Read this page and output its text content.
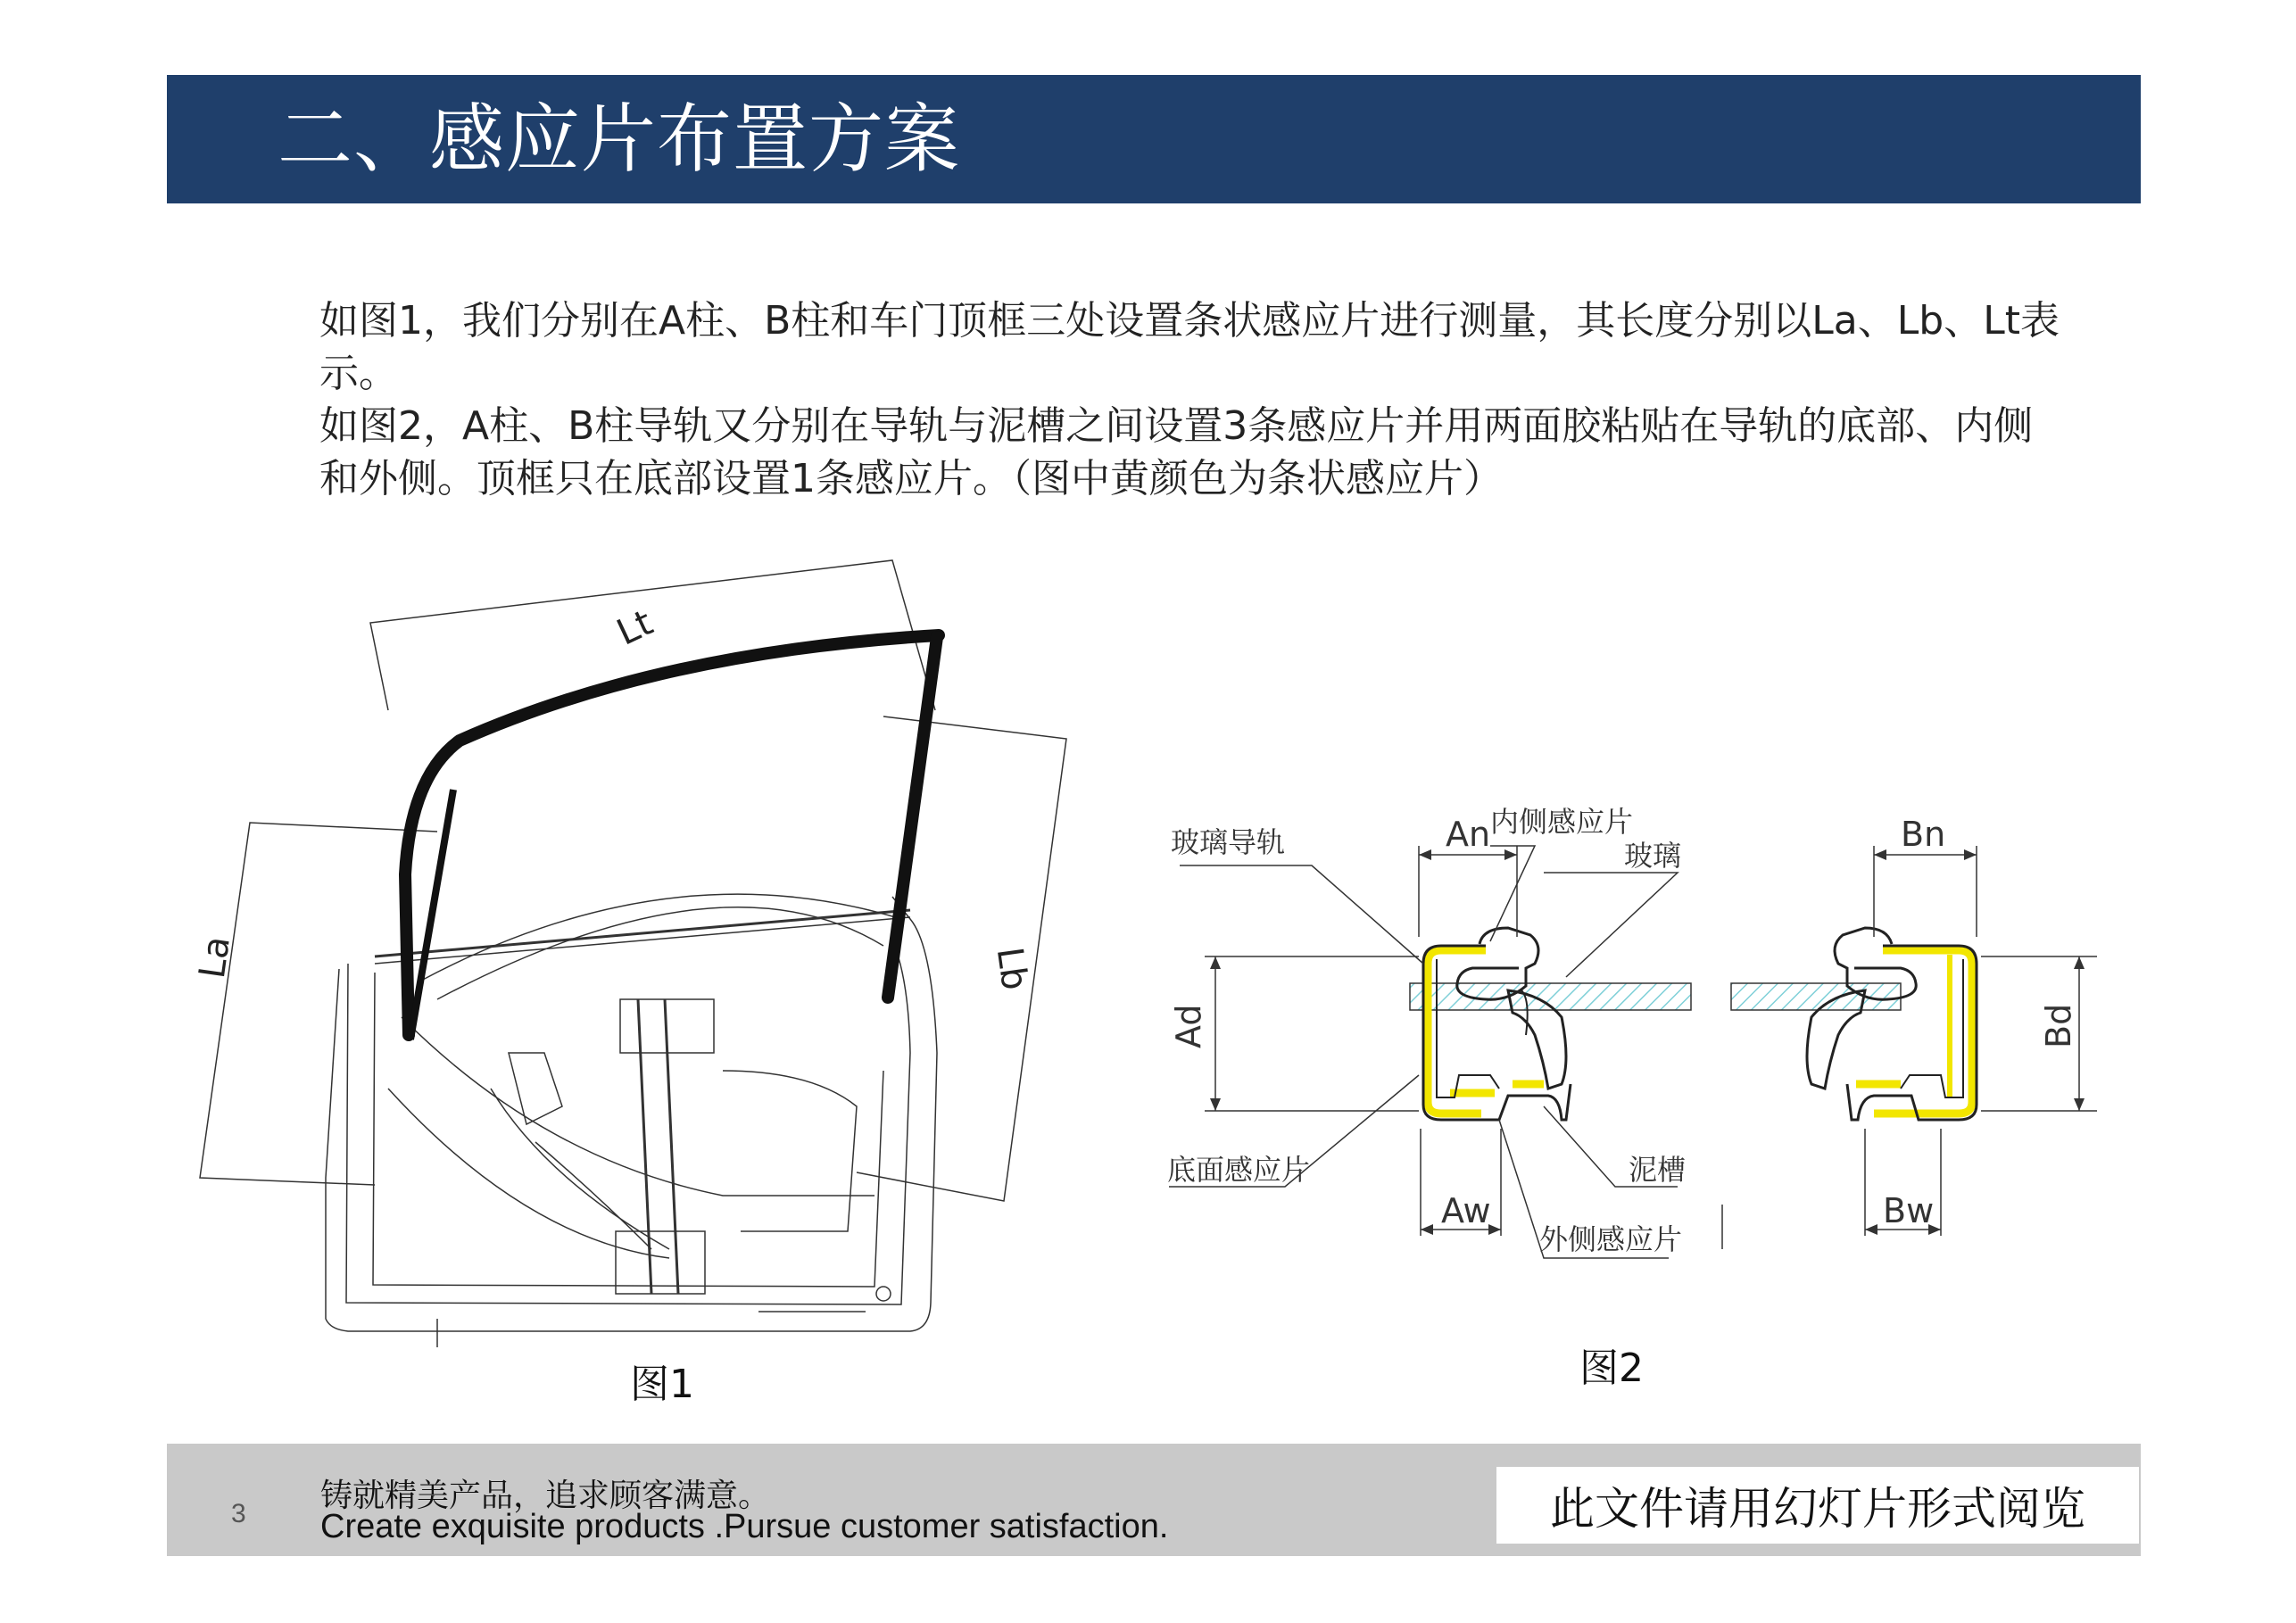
二、感应片布置方案

如图1，我们分别在A柱、B柱和车门顶框三处设置条状感应片进行测量，其长度分别以La、Lb、Lt表示。

如图2，A柱、B柱导轨又分别在导轨与泥槽之间设置3条感应片并用两面胶粘贴在导轨的底部、内侧和外侧。顶框只在底部设置1条感应片。（图中黄颜色为条状感应片）

Lt
La	Lb
图1
玻璃导轨
内侧感应片
玻璃
底面感应片	泥槽
外侧感应片
An	Bn
Aw	Bw
Ad	Bd
图2
3 铸就精美产品，追求顾客满意。
Create exquisite products .Pursue customer satisfaction.	此文件请用幻灯片形式阅览
